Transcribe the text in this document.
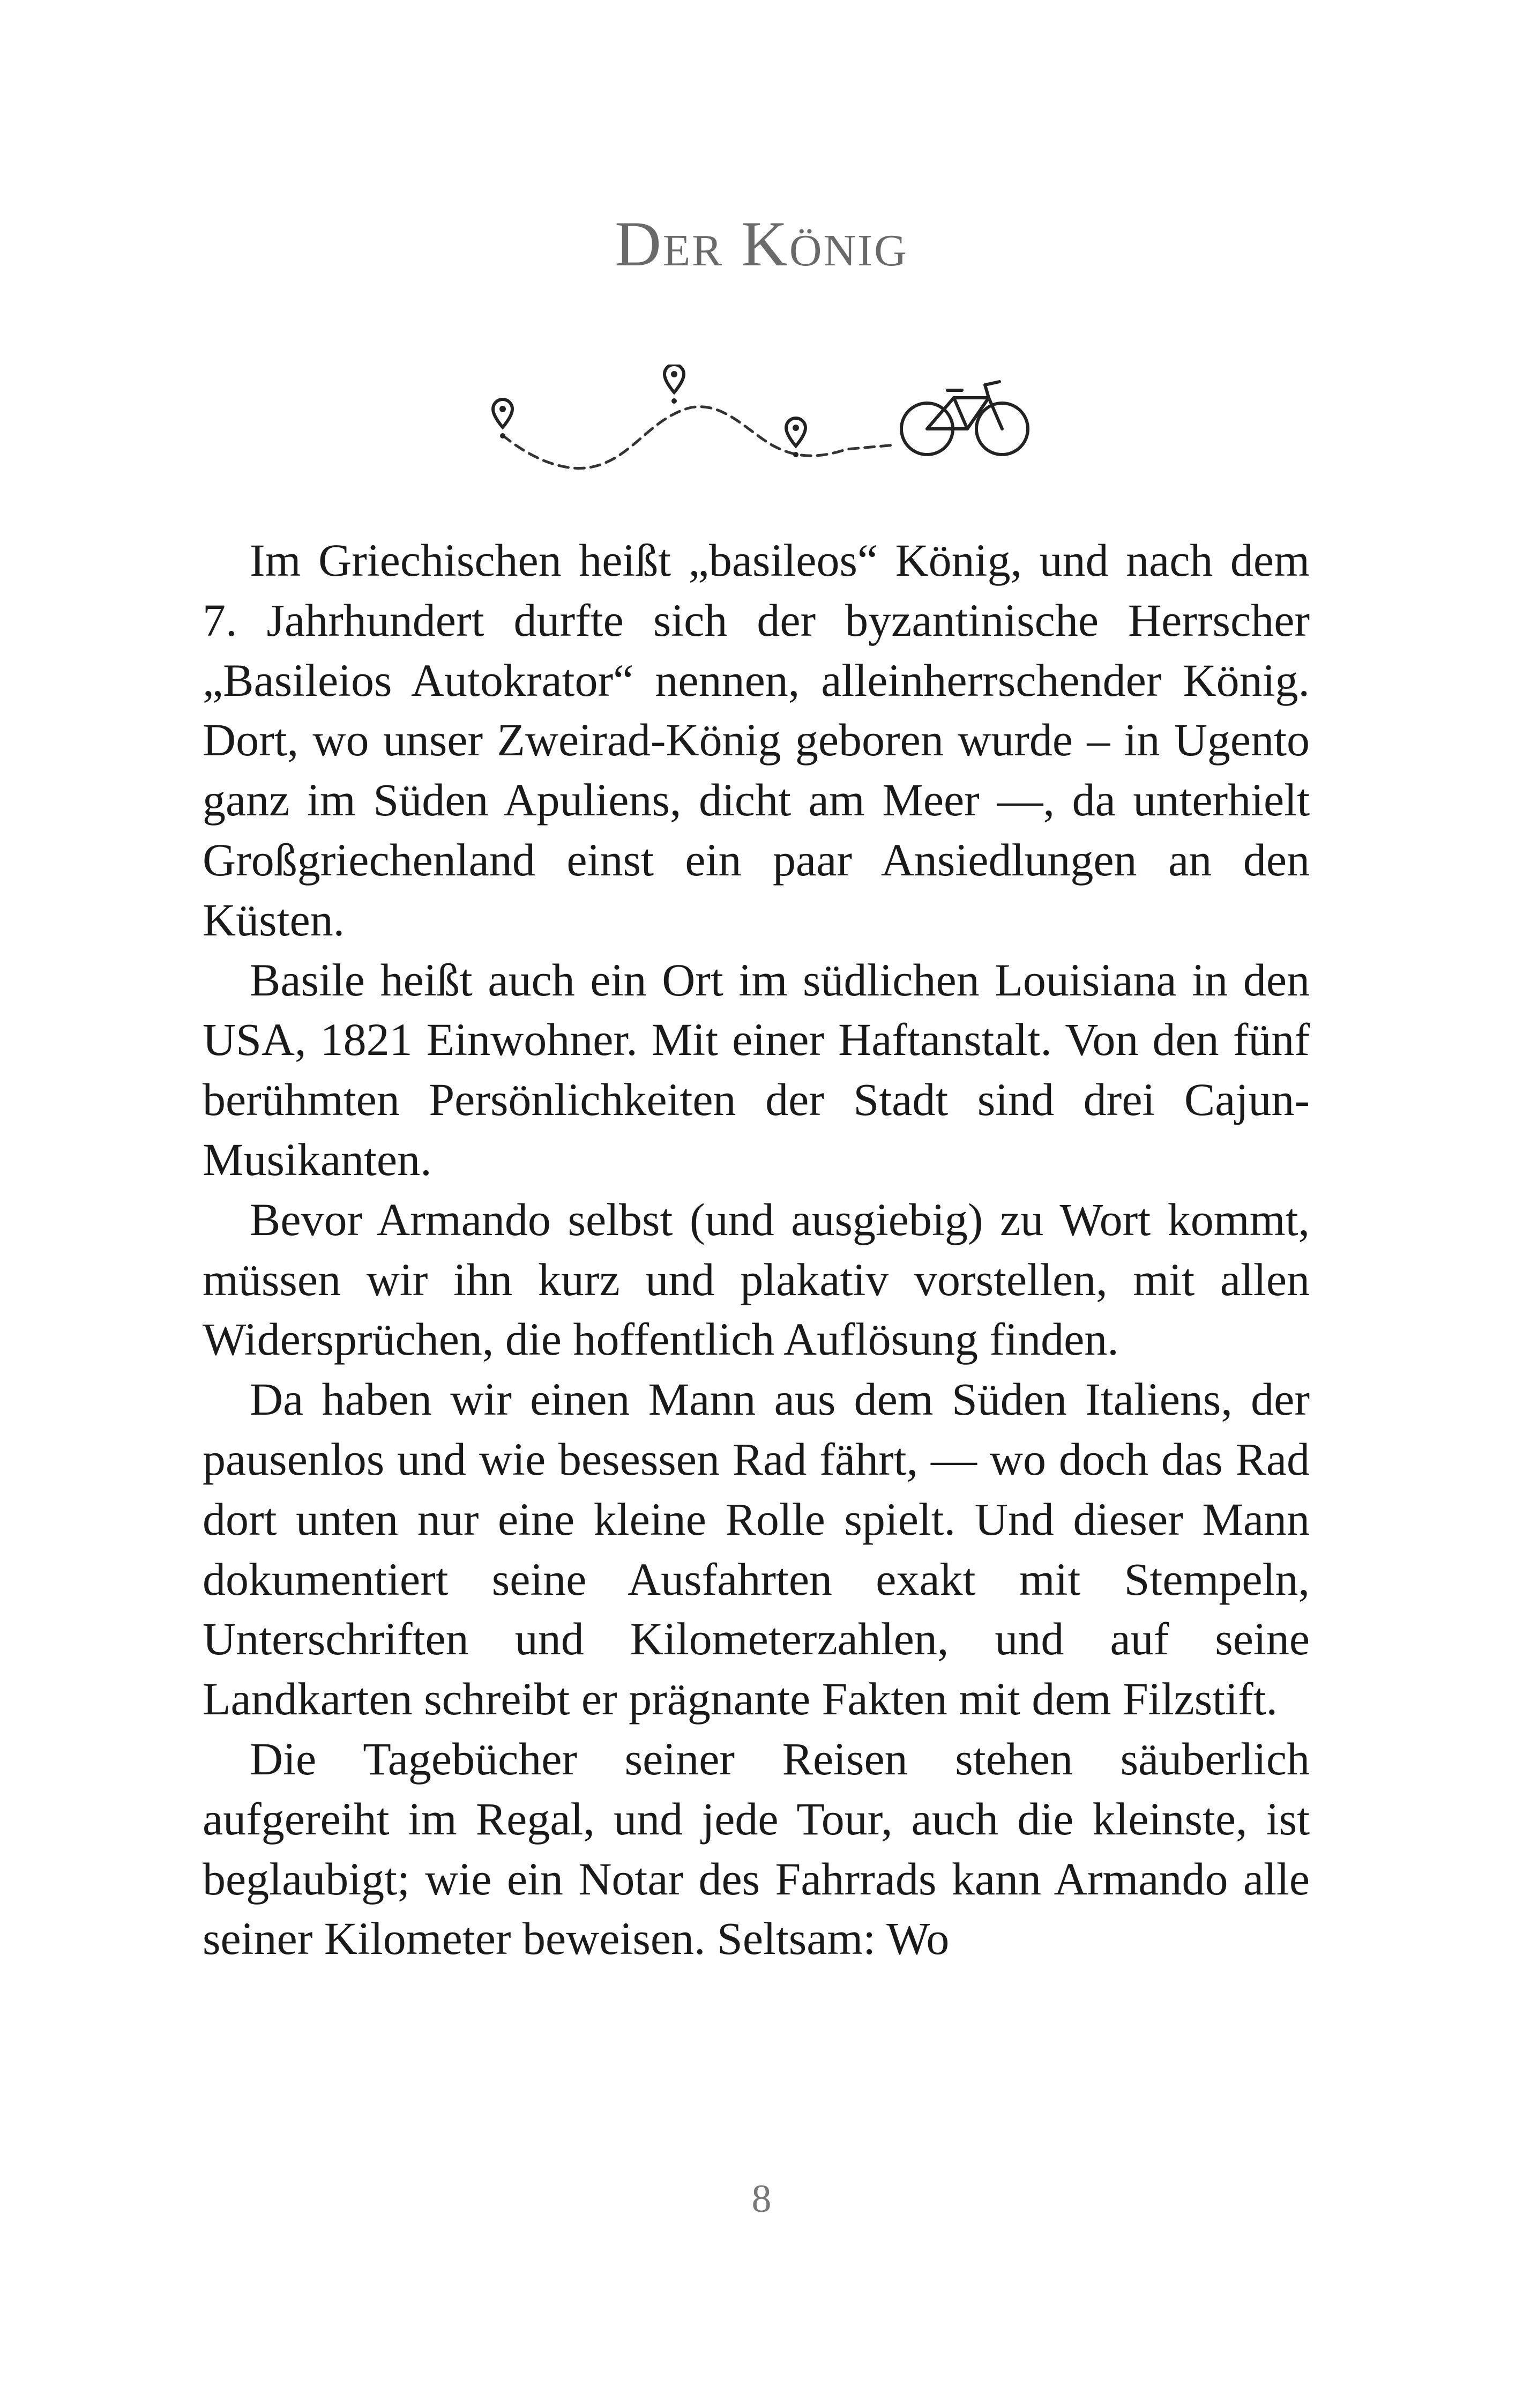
Der König

Im Griechischen heißt „basileos“ König, und nach dem 7. Jahrhundert durfte sich der byzantinische Herrscher „Basileios Autokrator“ nennen, alleinherrschender König. Dort, wo unser Zweirad-König geboren wurde – in Ugento ganz im Süden Apuliens, dicht am Meer —, da unterhielt Großgriechenland einst ein paar Ansiedlungen an den Küsten.

Basile heißt auch ein Ort im südlichen Louisiana in den USA, 1821 Einwohner. Mit einer Haftanstalt. Von den fünf berühmten Persönlichkeiten der Stadt sind drei Cajun-Musikanten.

Bevor Armando selbst (und ausgiebig) zu Wort kommt, müssen wir ihn kurz und plakativ vorstellen, mit allen Widersprüchen, die hoffentlich Auflösung finden.

Da haben wir einen Mann aus dem Süden Italiens, der pausenlos und wie besessen Rad fährt, — wo doch das Rad dort unten nur eine kleine Rolle spielt. Und dieser Mann dokumentiert seine Ausfahrten exakt mit Stempeln, Unterschriften und Kilometerzahlen, und auf seine Landkarten schreibt er prägnante Fakten mit dem Filzstift.

Die Tagebücher seiner Reisen stehen säuberlich aufgereiht im Regal, und jede Tour, auch die kleinste, ist beglaubigt; wie ein Notar des Fahrrads kann Armando alle seiner Kilometer beweisen. Seltsam: Wo

8
